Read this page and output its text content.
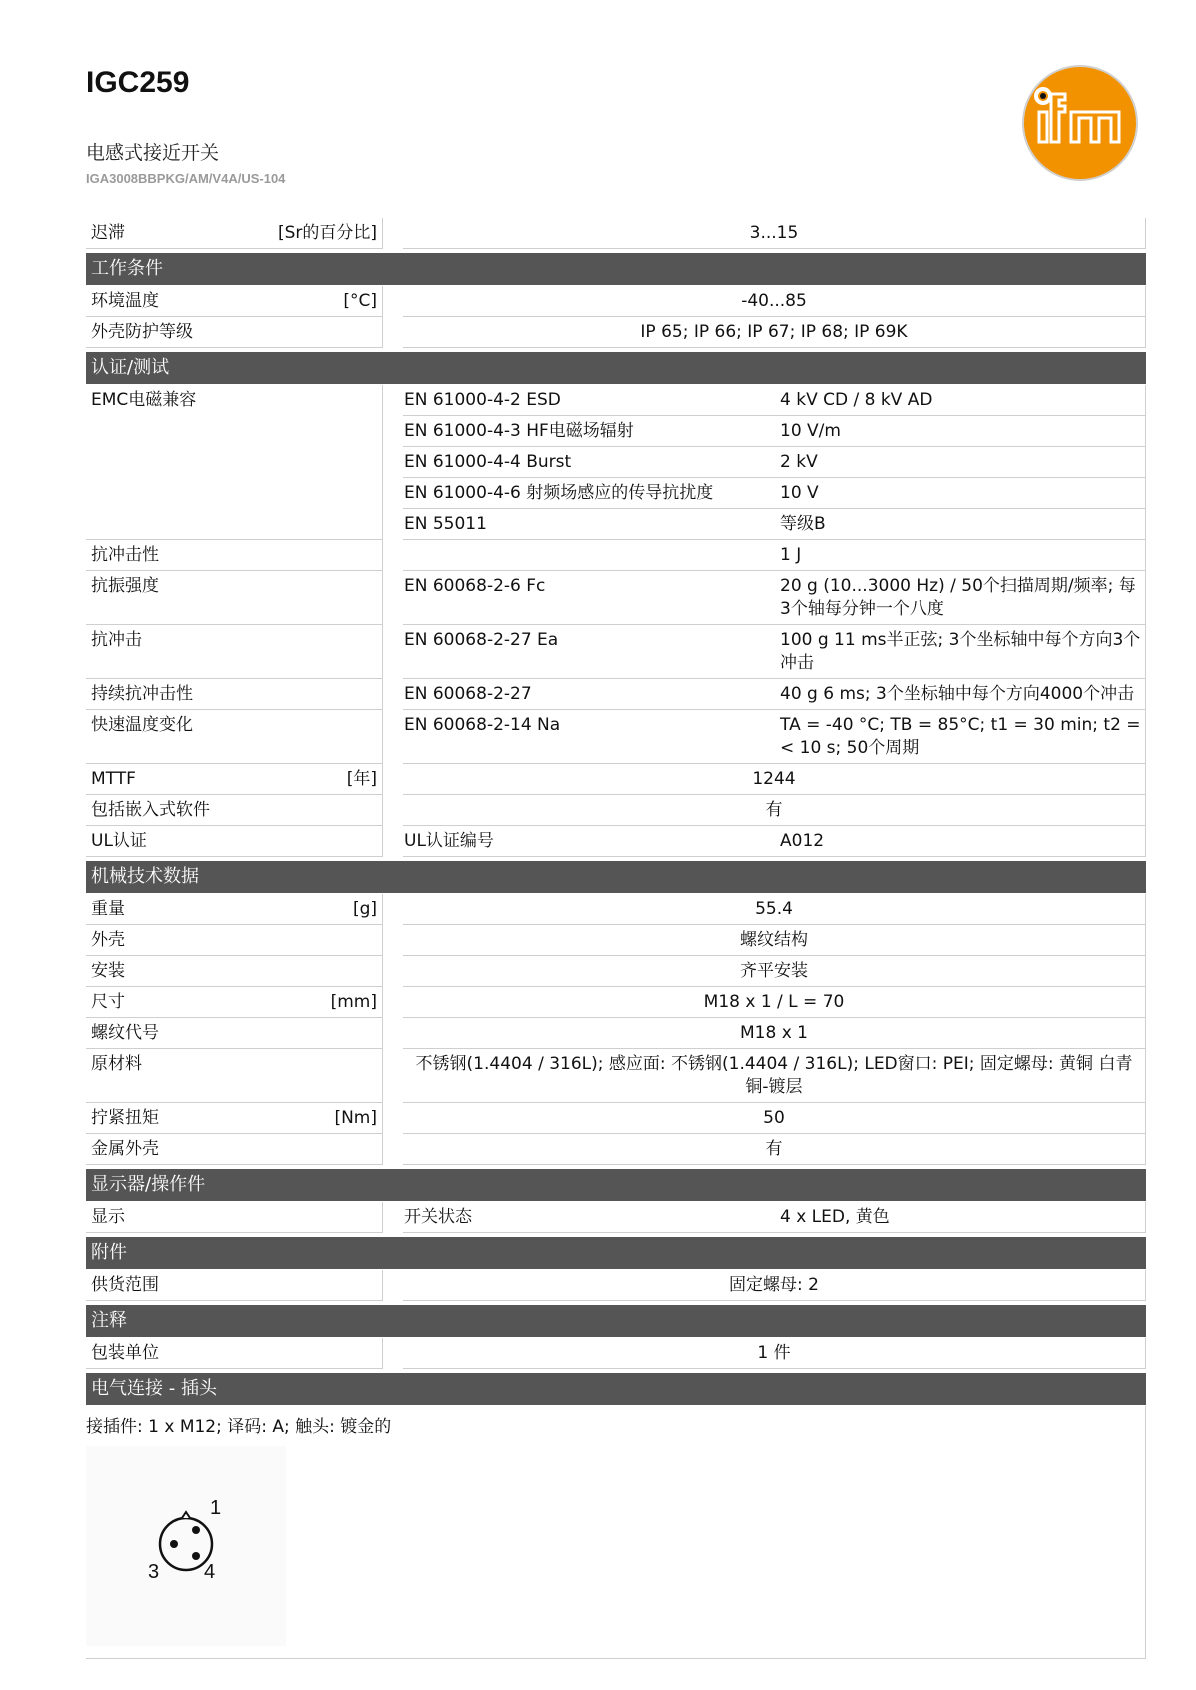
IGC259
电感式接近开关
IGA3008BBPKG/AM/V4A/US-104
迟滞	[Sr的百分比]	3...15
工作条件
环境温度	[°C]	-40...85
外壳防护等级	IP 65; IP 66; IP 67; IP 68; IP 69K
认证/测试
EMC电磁兼容	EN 61000-4-2 ESD	4 kV CD / 8 kV AD
EN 61000-4-3 HF电磁场辐射	10 V/m
EN 61000-4-4 Burst	2 kV
EN 61000-4-6 射频场感应的传导抗扰度	10 V
EN 55011	等级B
抗冲击性	1 J
抗振强度	EN 60068-2-6 Fc	20 g (10...3000 Hz) / 50个扫描周期/频率; 每3个轴每分钟一个八度
抗冲击	EN 60068-2-27 Ea	100 g 11 ms半正弦; 3个坐标轴中每个方向3个冲击
持续抗冲击性	EN 60068-2-27	40 g 6 ms; 3个坐标轴中每个方向4000个冲击
快速温度变化	EN 60068-2-14 Na	TA = -40 °C; TB = 85°C; t1 = 30 min; t2 = < 10 s; 50个周期
MTTF	[年]	1244
包括嵌入式软件	有
UL认证	UL认证编号	A012
机械技术数据
重量	[g]	55.4
外壳	螺纹结构
安装	齐平安装
尺寸	[mm]	M18 x 1 / L = 70
螺纹代号	M18 x 1
原材料	不锈钢(1.4404 / 316L); 感应面: 不锈钢(1.4404 / 316L); LED窗口: PEI; 固定螺母: 黄铜 白青铜-镀层
拧紧扭矩	[Nm]	50
金属外壳	有
显示器/操作件
显示	开关状态	4 x LED, 黄色
附件
供货范围	固定螺母: 2
注释
包装单位	1 件
电气连接 - 插头
接插件: 1 x M12; 译码: A; 触头: 镀金的
1
3 4
